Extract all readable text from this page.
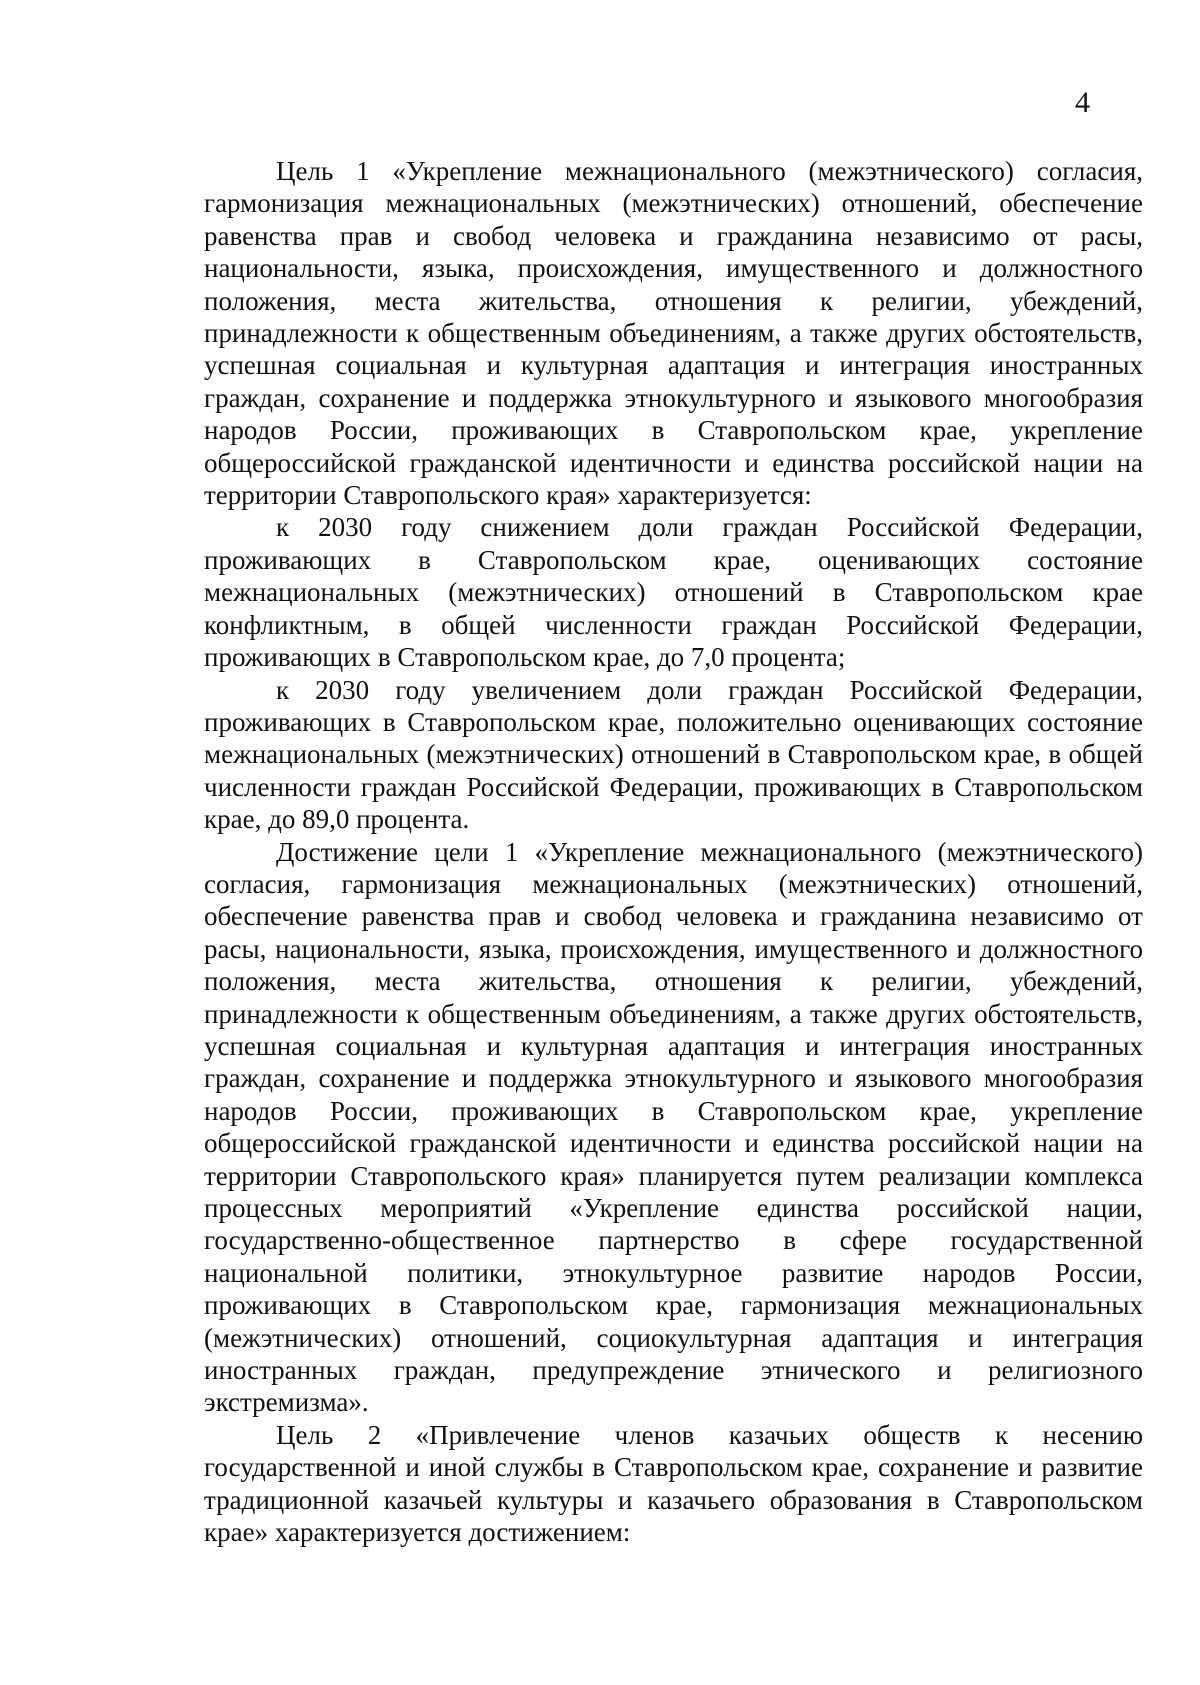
4

Цель 1 «Укрепление межнационального (межэтнического) согласия, гармонизация межнациональных (межэтнических) отношений, обеспечение равенства прав и свобод человека и гражданина независимо от расы, национальности, языка, происхождения, имущественного и должностного положения, места жительства, отношения к религии, убеждений, принадлежности к общественным объединениям, а также других обстоятельств, успешная социальная и культурная адаптация и интеграция иностранных граждан, сохранение и поддержка этнокультурного и языкового многообразия народов России, проживающих в Ставропольском крае, укрепление общероссийской гражданской идентичности и единства российской нации на территории Ставропольского края» характеризуется:

к 2030 году снижением доли граждан Российской Федерации, проживающих в Ставропольском крае, оценивающих состояние межнациональных (межэтнических) отношений в Ставропольском крае конфликтным, в общей численности граждан Российской Федерации, проживающих в Ставропольском крае, до 7,0 процента;

к 2030 году увеличением доли граждан Российской Федерации, проживающих в Ставропольском крае, положительно оценивающих состояние межнациональных (межэтнических) отношений в Ставропольском крае, в общей численности граждан Российской Федерации, проживающих в Ставропольском крае, до 89,0 процента.

Достижение цели 1 «Укрепление межнационального (межэтнического) согласия, гармонизация межнациональных (межэтнических) отношений, обеспечение равенства прав и свобод человека и гражданина независимо от расы, национальности, языка, происхождения, имущественного и должностного положения, места жительства, отношения к религии, убеждений, принадлежности к общественным объединениям, а также других обстоятельств, успешная социальная и культурная адаптация и интеграция иностранных граждан, сохранение и поддержка этнокультурного и языкового многообразия народов России, проживающих в Ставропольском крае, укрепление общероссийской гражданской идентичности и единства российской нации на территории Ставропольского края» планируется путем реализации комплекса процессных мероприятий «Укрепление единства российской нации, государственно-общественное партнерство в сфере государственной национальной политики, этнокультурное развитие народов России, проживающих в Ставропольском крае, гармонизация межнациональных (межэтнических) отношений, социокультурная адаптация и интеграция иностранных граждан, предупреждение этнического и религиозного экстремизма».

Цель 2 «Привлечение членов казачьих обществ к несению государственной и иной службы в Ставропольском крае, сохранение и развитие традиционной казачьей культуры и казачьего образования в Ставропольском крае» характеризуется достижением:
